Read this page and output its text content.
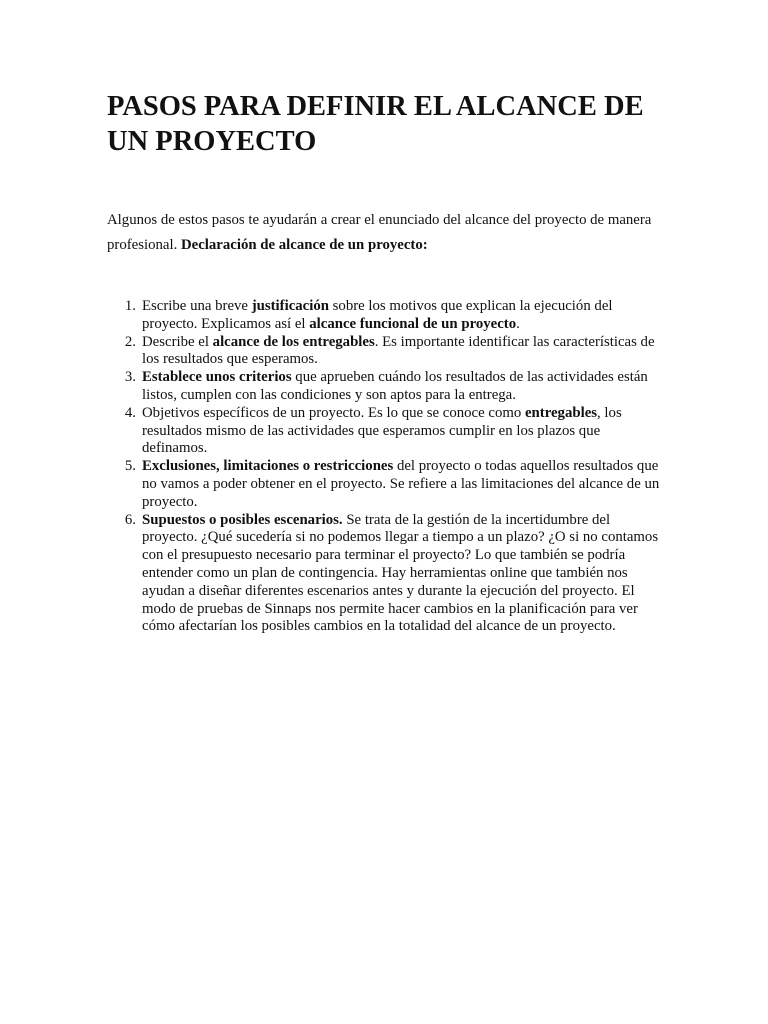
PASOS PARA DEFINIR EL ALCANCE DE UN PROYECTO

Algunos de estos pasos te ayudarán a crear el enunciado del alcance del proyecto de manera profesional. Declaración de alcance de un proyecto:

1. Escribe una breve justificación sobre los motivos que explican la ejecución del proyecto. Explicamos así el alcance funcional de un proyecto.
2. Describe el alcance de los entregables. Es importante identificar las características de los resultados que esperamos.
3. Establece unos criterios que aprueben cuándo los resultados de las actividades están listos, cumplen con las condiciones y son aptos para la entrega.
4. Objetivos específicos de un proyecto. Es lo que se conoce como entregables, los resultados mismo de las actividades que esperamos cumplir en los plazos que definamos.
5. Exclusiones, limitaciones o restricciones del proyecto o todas aquellos resultados que no vamos a poder obtener en el proyecto. Se refiere a las limitaciones del alcance de un proyecto.
6. Supuestos o posibles escenarios. Se trata de la gestión de la incertidumbre del proyecto. ¿Qué sucedería si no podemos llegar a tiempo a un plazo? ¿O si no contamos con el presupuesto necesario para terminar el proyecto? Lo que también se podría entender como un plan de contingencia. Hay herramientas online que también nos ayudan a diseñar diferentes escenarios antes y durante la ejecución del proyecto. El modo de pruebas de Sinnaps nos permite hacer cambios en la planificación para ver cómo afectarían los posibles cambios en la totalidad del alcance de un proyecto.
